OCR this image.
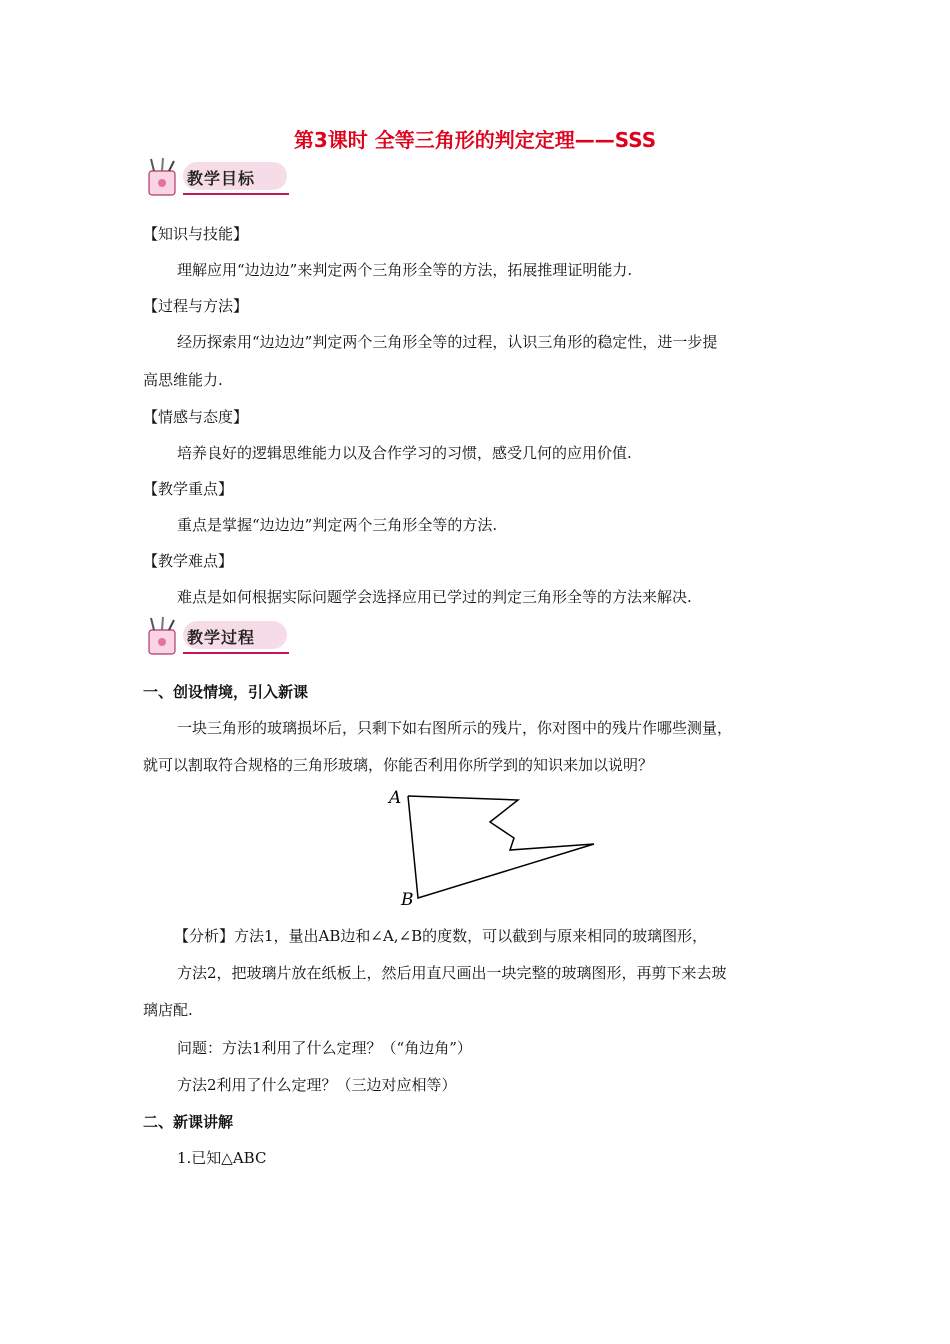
第3课时 全等三角形的判定定理——SSS
教学目标
【知识与技能】
理解应用“边边边”来判定两个三角形全等的方法，拓展推理证明能力.
【过程与方法】
经历探索用“边边边”判定两个三角形全等的过程，认识三角形的稳定性，进一步提
高思维能力.
【情感与态度】
培养良好的逻辑思维能力以及合作学习的习惯，感受几何的应用价值.
【教学重点】
重点是掌握“边边边”判定两个三角形全等的方法.
【教学难点】
难点是如何根据实际问题学会选择应用已学过的判定三角形全等的方法来解决.
教学过程
一、创设情境，引入新课
一块三角形的玻璃损坏后，只剩下如右图所示的残片，你对图中的残片作哪些测量，
就可以割取符合规格的三角形玻璃，你能否利用你所学到的知识来加以说明？
A
B
【分析】方法1，量出AB边和∠A,∠B的度数，可以截到与原来相同的玻璃图形，
方法2，把玻璃片放在纸板上，然后用直尺画出一块完整的玻璃图形，再剪下来去玻
璃店配.
问题：方法1利用了什么定理？（“角边角”）
方法2利用了什么定理？（三边对应相等）
二、新课讲解
1.已知△ABC
